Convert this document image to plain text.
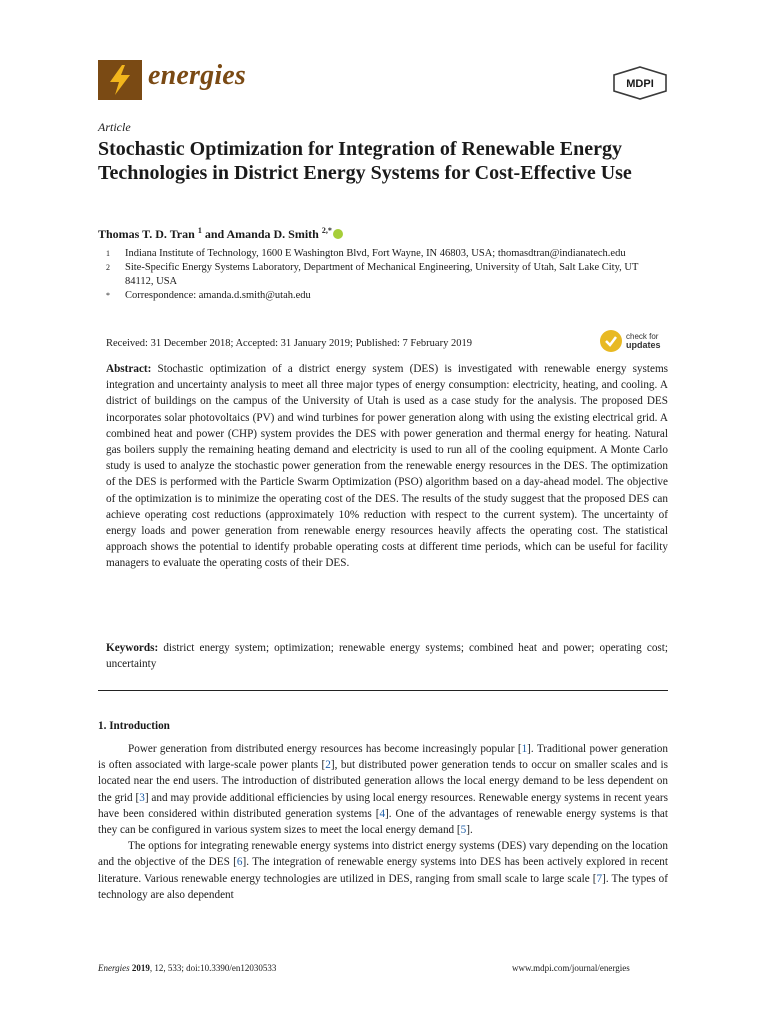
energies	MDPI
Article
Stochastic Optimization for Integration of Renewable Energy Technologies in District Energy Systems for Cost-Effective Use
Thomas T. D. Tran $^1$ and Amanda D. Smith $^{2,*}$
1	Indiana Institute of Technology, 1600 E Washington Blvd, Fort Wayne, IN 46803, USA; thomasdtran@indianatech.edu
2	Site-Specific Energy Systems Laboratory, Department of Mechanical Engineering, University of Utah, Salt Lake City, UT 84112, USA
*	Correspondence: amanda.d.smith@utah.edu
Received: 31 December 2018; Accepted: 31 January 2019; Published: 7 February 2019
check for
updates
Abstract: Stochastic optimization of a district energy system (DES) is investigated with renewable energy systems integration and uncertainty analysis to meet all three major types of energy consumption: electricity, heating, and cooling. A district of buildings on the campus of the University of Utah is used as a case study for the analysis. The proposed DES incorporates solar photovoltaics (PV) and wind turbines for power generation along with using the existing electrical grid. A combined heat and power (CHP) system provides the DES with power generation and thermal energy for heating. Natural gas boilers supply the remaining heating demand and electricity is used to run all of the cooling equipment. A Monte Carlo study is used to analyze the stochastic power generation from the renewable energy resources in the DES. The optimization of the DES is performed with the Particle Swarm Optimization (PSO) algorithm based on a day-ahead model. The objective of the optimization is to minimize the operating cost of the DES. The results of the study suggest that the proposed DES can achieve operating cost reductions (approximately 10% reduction with respect to the current system). The uncertainty of energy loads and power generation from renewable energy resources heavily affects the operating cost. The statistical approach shows the potential to identify probable operating costs at different time periods, which can be useful for facility managers to evaluate the operating costs of their DES.
Keywords: district energy system; optimization; renewable energy systems; combined heat and power; operating cost; uncertainty
1. Introduction

Power generation from distributed energy resources has become increasingly popular [1]. Traditional power generation is often associated with large-scale power plants [2], but distributed power generation tends to occur on smaller scales and is located near the end users. The introduction of distributed generation allows the local energy demand to be less dependent on the grid [3] and may provide additional efficiencies by using local energy resources. Renewable energy systems in recent years have been considered within distributed generation systems [4]. One of the advantages of renewable energy systems is that they can be configured in various system sizes to meet the local energy demand [5].

The options for integrating renewable energy systems into district energy systems (DES) vary depending on the location and the objective of the DES [6]. The integration of renewable energy systems into DES has been actively explored in recent literature. Various renewable energy technologies are utilized in DES, ranging from small scale to large scale [7]. The types of technology are also dependent

Energies 2019, 12, 533; doi:10.3390/en12030533	www.mdpi.com/journal/energies
